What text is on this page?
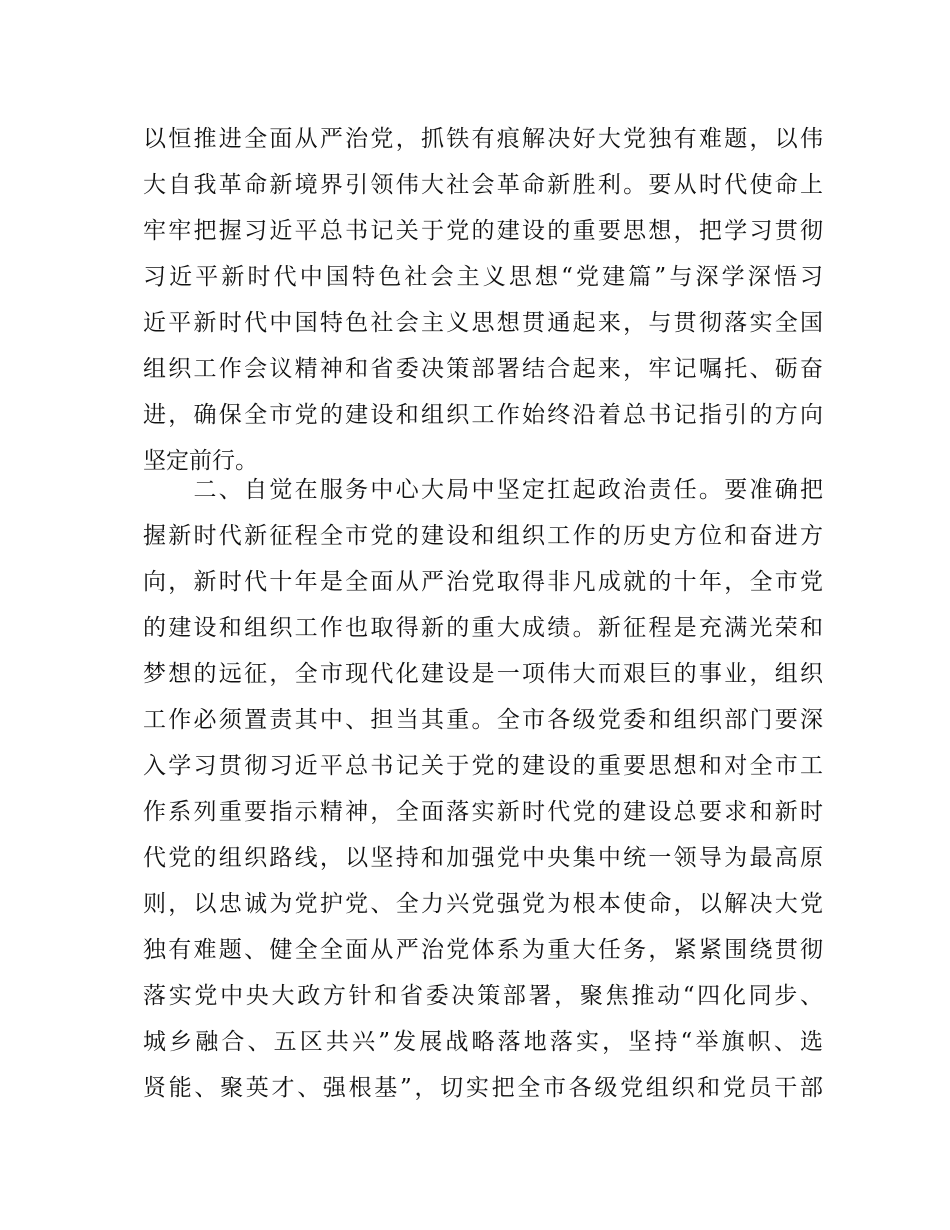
以恒推进全面从严治党，抓铁有痕解决好大党独有难题，以伟
大自我革命新境界引领伟大社会革命新胜利。要从时代使命上
牢牢把握习近平总书记关于党的建设的重要思想，把学习贯彻
习近平新时代中国特色社会主义思想“党建篇”与深学深悟习
近平新时代中国特色社会主义思想贯通起来，与贯彻落实全国
组织工作会议精神和省委决策部署结合起来，牢记嘱托、砺奋
进，确保全市党的建设和组织工作始终沿着总书记指引的方向
坚定前行。
　　二、自觉在服务中心大局中坚定扛起政治责任。要准确把
握新时代新征程全市党的建设和组织工作的历史方位和奋进方
向，新时代十年是全面从严治党取得非凡成就的十年，全市党
的建设和组织工作也取得新的重大成绩。新征程是充满光荣和
梦想的远征，全市现代化建设是一项伟大而艰巨的事业，组织
工作必须置责其中、担当其重。全市各级党委和组织部门要深
入学习贯彻习近平总书记关于党的建设的重要思想和对全市工
作系列重要指示精神，全面落实新时代党的建设总要求和新时
代党的组织路线，以坚持和加强党中央集中统一领导为最高原
则，以忠诚为党护党、全力兴党强党为根本使命，以解决大党
独有难题、健全全面从严治党体系为重大任务，紧紧围绕贯彻
落实党中央大政方针和省委决策部署，聚焦推动“四化同步、
城乡融合、五区共兴”发展战略落地落实，坚持“举旗帜、选
贤能、聚英才、强根基”，切实把全市各级党组织和党员干部
